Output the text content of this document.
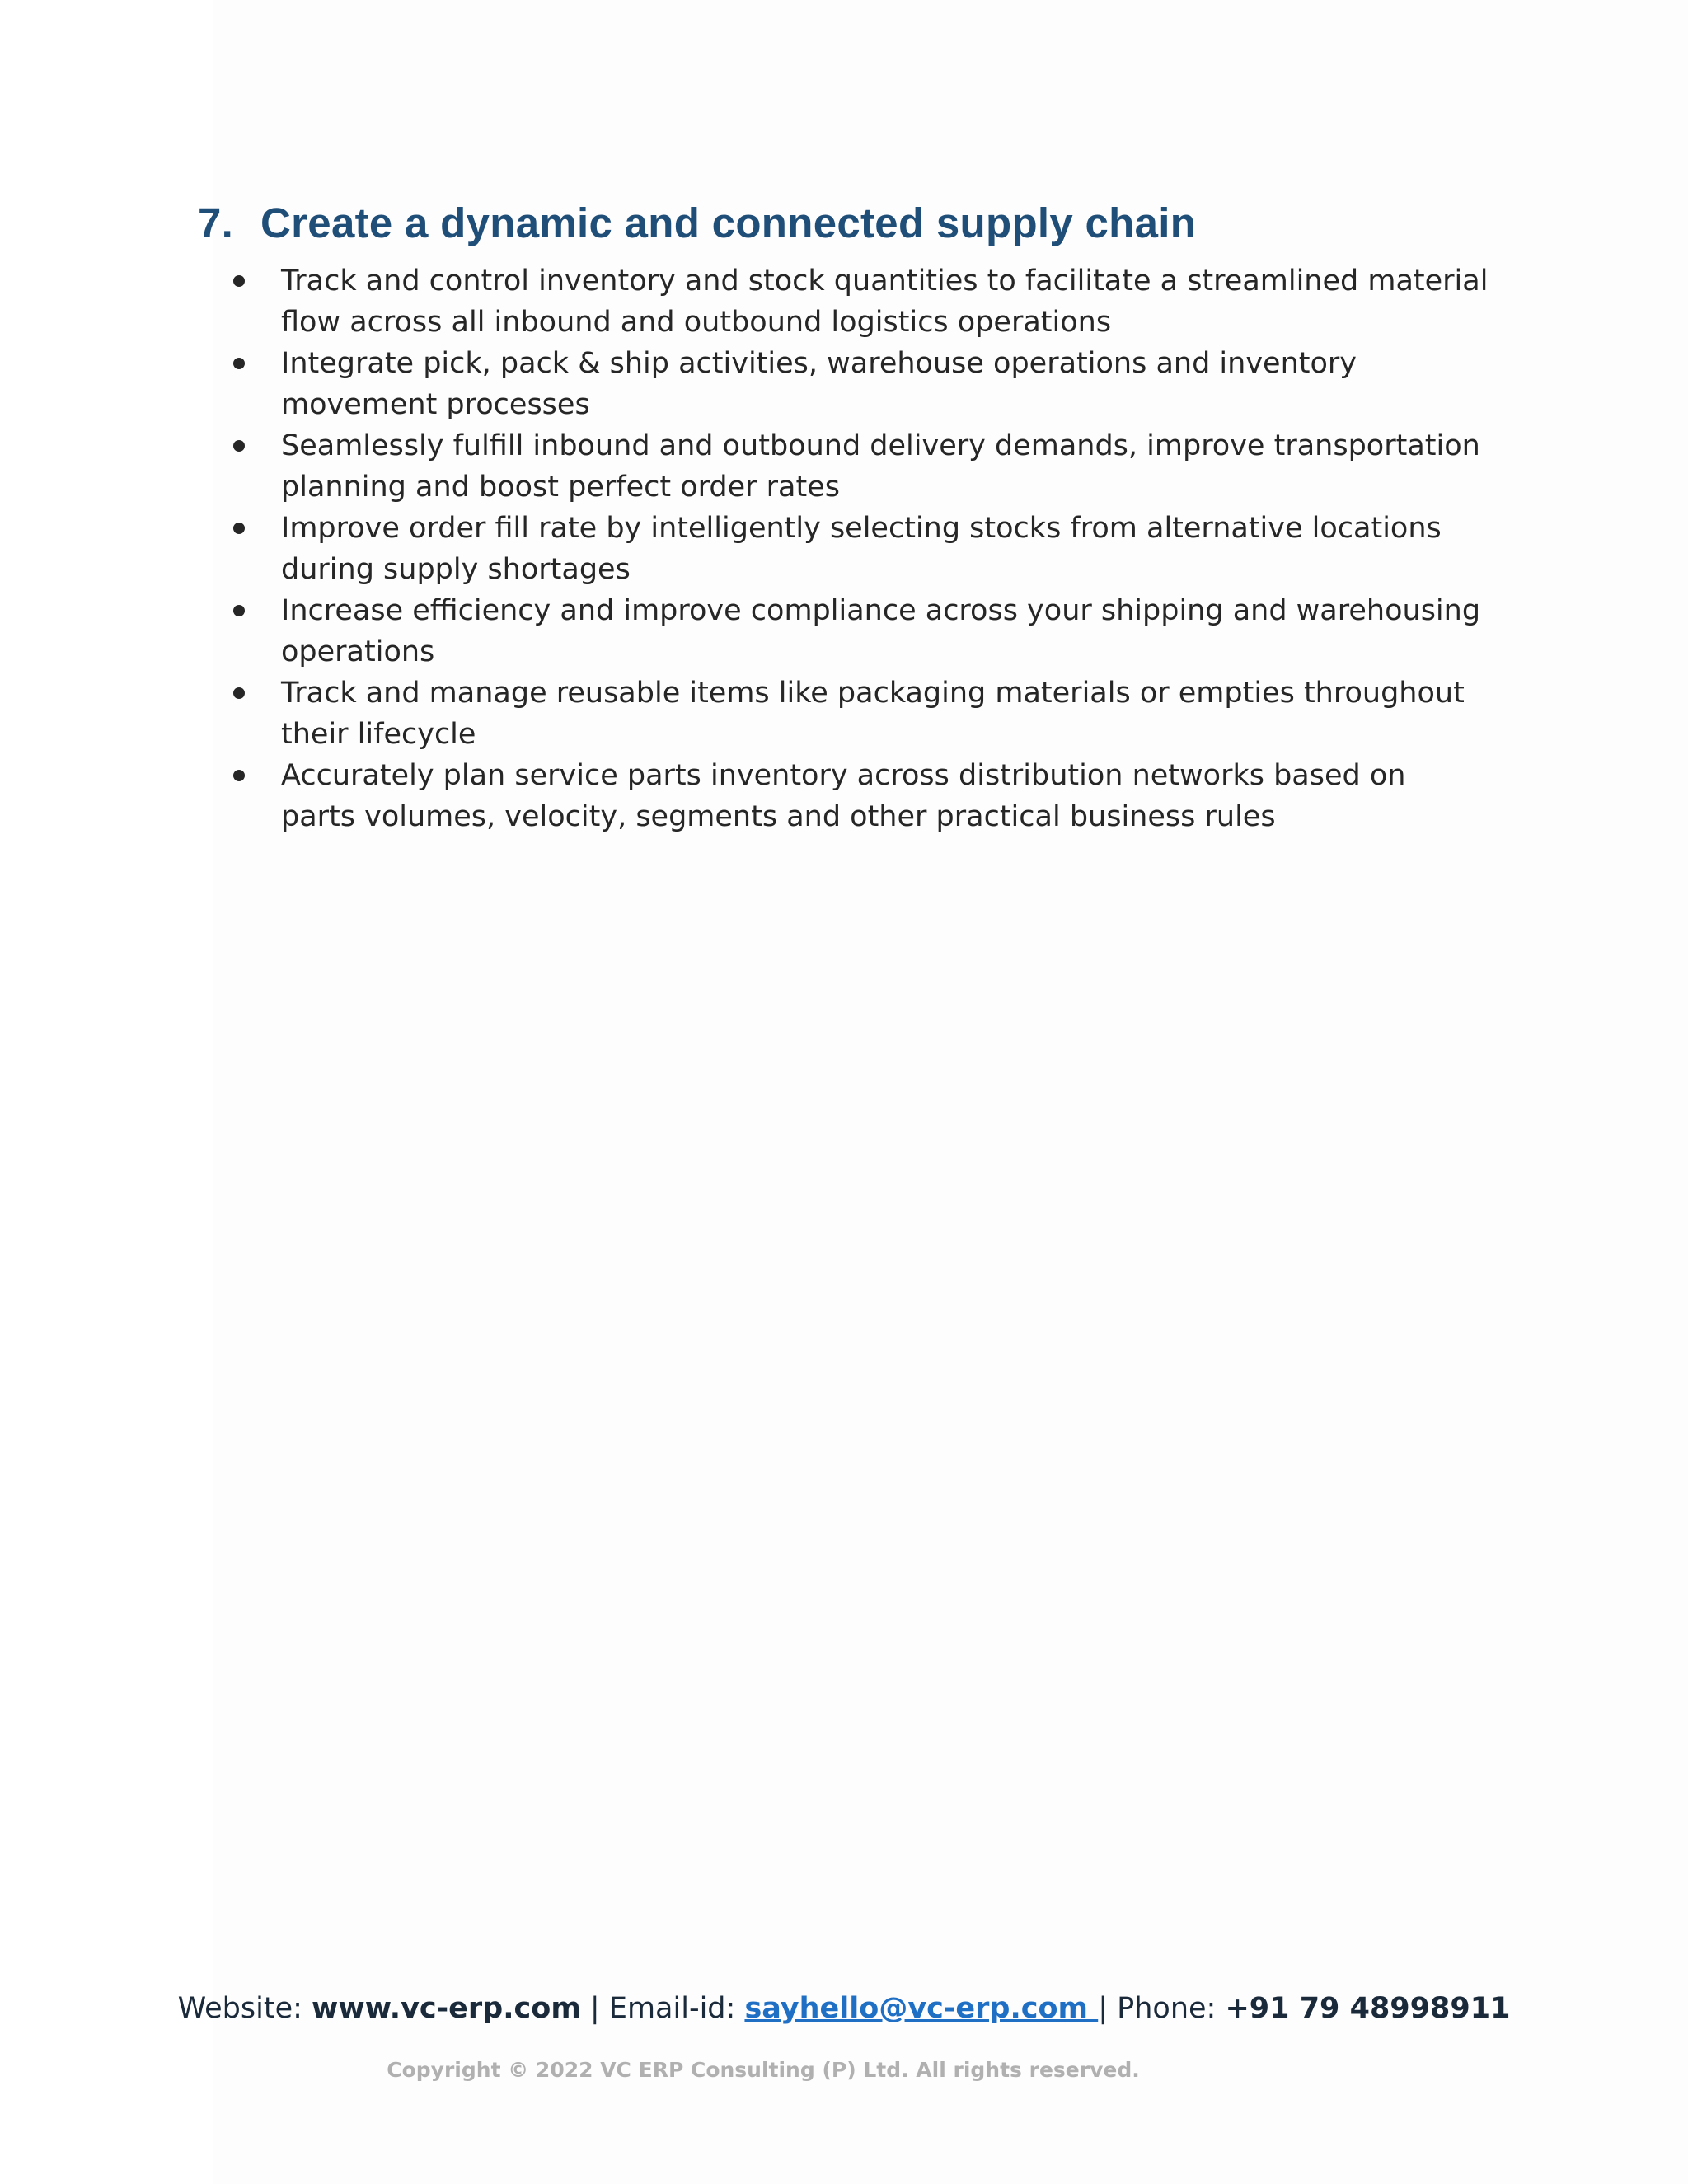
7. Create a dynamic and connected supply chain
Track and control inventory and stock quantities to facilitate a streamlined material flow across all inbound and outbound logistics operations
Integrate pick, pack & ship activities, warehouse operations and inventory movement processes
Seamlessly fulfill inbound and outbound delivery demands, improve transportation planning and boost perfect order rates
Improve order fill rate by intelligently selecting stocks from alternative locations during supply shortages
Increase efficiency and improve compliance across your shipping and warehousing operations
Track and manage reusable items like packaging materials or empties throughout their lifecycle
Accurately plan service parts inventory across distribution networks based on parts volumes, velocity, segments and other practical business rules
Website: www.vc-erp.com | Email-id: sayhello@vc-erp.com | Phone: +91 79 48998911
Copyright © 2022 VC ERP Consulting (P) Ltd. All rights reserved.
